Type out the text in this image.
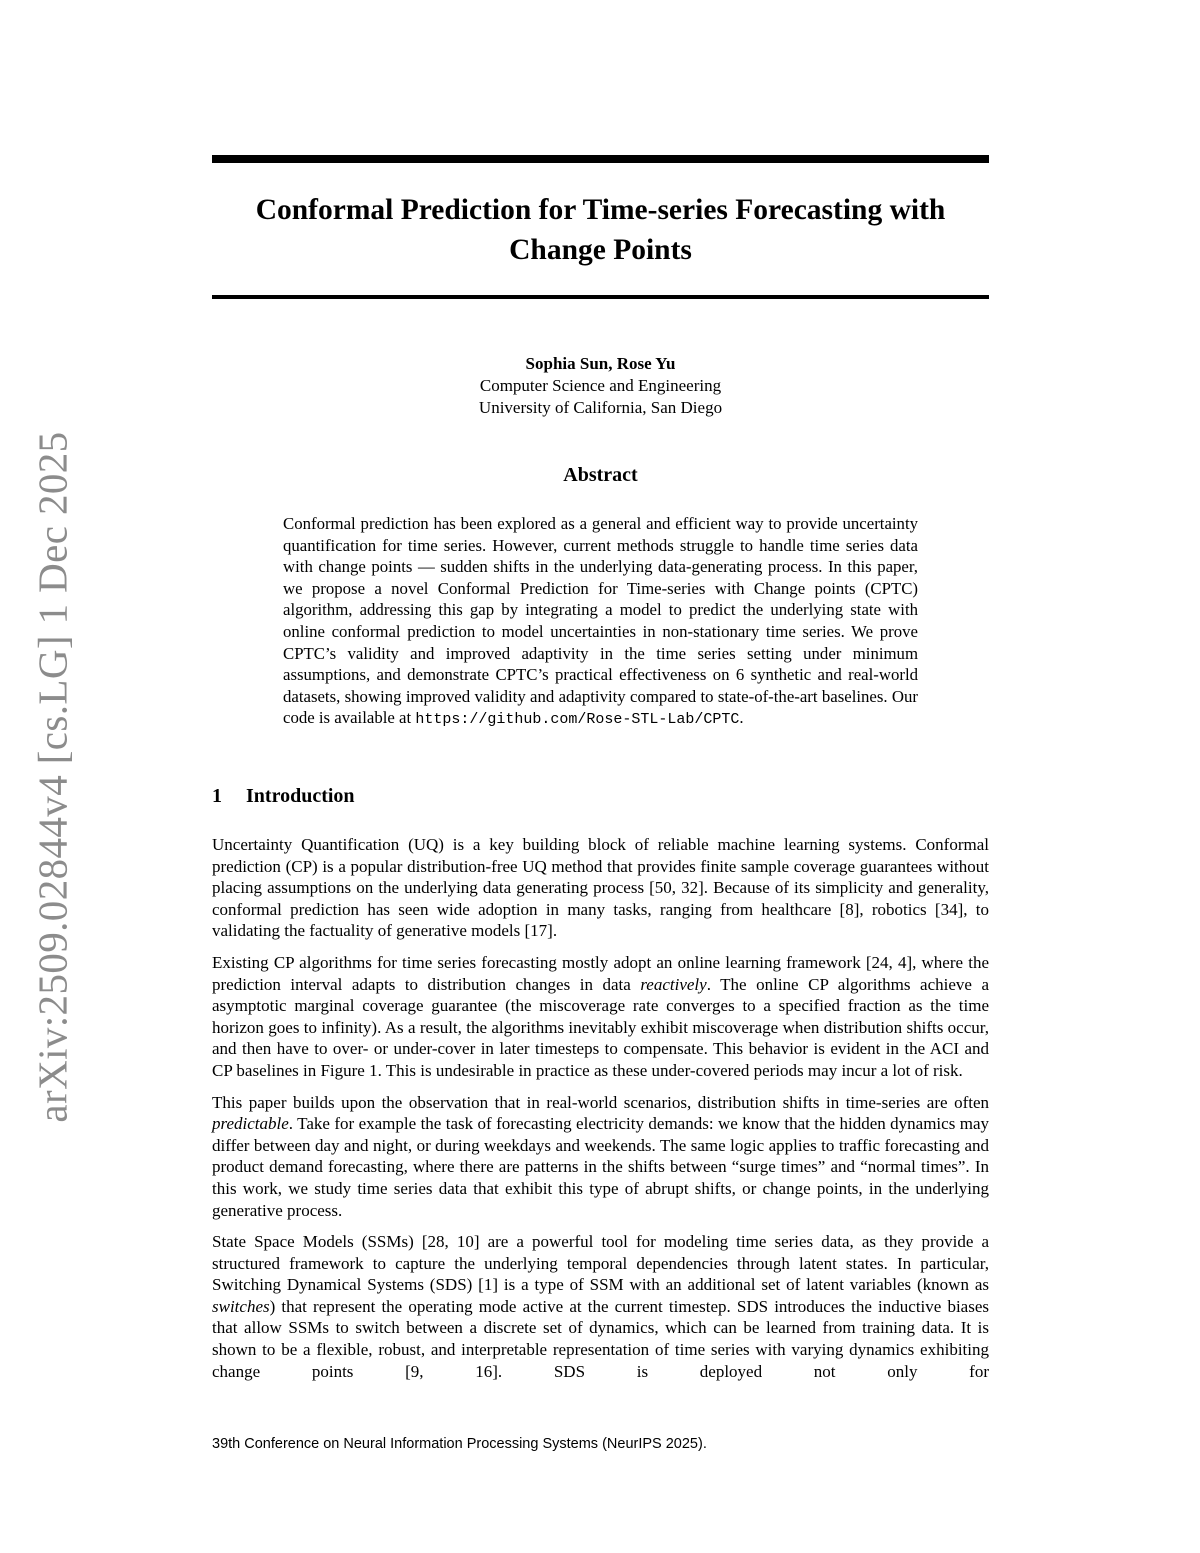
arXiv:2509.02844v4 [cs.LG] 1 Dec 2025
Conformal Prediction for Time-series Forecasting with
Change Points
Sophia Sun, Rose Yu
Computer Science and Engineering
University of California, San Diego
Abstract

Conformal prediction has been explored as a general and efficient way to provide uncertainty quantification for time series. However, current methods struggle to handle time series data with change points — sudden shifts in the underlying data-generating process. In this paper, we propose a novel Conformal Prediction for Time-series with Change points (CPTC) algorithm, addressing this gap by integrating a model to predict the underlying state with online conformal prediction to model uncertainties in non-stationary time series. We prove CPTC’s validity and improved adaptivity in the time series setting under minimum assumptions, and demonstrate CPTC’s practical effectiveness on 6 synthetic and real-world datasets, showing improved validity and adaptivity compared to state-of-the-art baselines. Our code is available at https://github.com/Rose-STL-Lab/CPTC.

1 Introduction

Uncertainty Quantification (UQ) is a key building block of reliable machine learning systems. Conformal prediction (CP) is a popular distribution-free UQ method that provides finite sample coverage guarantees without placing assumptions on the underlying data generating process [50, 32]. Because of its simplicity and generality, conformal prediction has seen wide adoption in many tasks, ranging from healthcare [8], robotics [34], to validating the factuality of generative models [17].

Existing CP algorithms for time series forecasting mostly adopt an online learning framework [24, 4], where the prediction interval adapts to distribution changes in data reactively. The online CP algorithms achieve a asymptotic marginal coverage guarantee (the miscoverage rate converges to a specified fraction as the time horizon goes to infinity). As a result, the algorithms inevitably exhibit miscoverage when distribution shifts occur, and then have to over- or under-cover in later timesteps to compensate. This behavior is evident in the ACI and CP baselines in Figure 1. This is undesirable in practice as these under-covered periods may incur a lot of risk.

This paper builds upon the observation that in real-world scenarios, distribution shifts in time-series are often predictable. Take for example the task of forecasting electricity demands: we know that the hidden dynamics may differ between day and night, or during weekdays and weekends. The same logic applies to traffic forecasting and product demand forecasting, where there are patterns in the shifts between “surge times” and “normal times”. In this work, we study time series data that exhibit this type of abrupt shifts, or change points, in the underlying generative process.

State Space Models (SSMs) [28, 10] are a powerful tool for modeling time series data, as they provide a structured framework to capture the underlying temporal dependencies through latent states. In particular, Switching Dynamical Systems (SDS) [1] is a type of SSM with an additional set of latent variables (known as switches) that represent the operating mode active at the current timestep. SDS introduces the inductive biases that allow SSMs to switch between a discrete set of dynamics, which can be learned from training data. It is shown to be a flexible, robust, and interpretable representation of time series with varying dynamics exhibiting change points [9, 16]. SDS is deployed not only for

39th Conference on Neural Information Processing Systems (NeurIPS 2025).
